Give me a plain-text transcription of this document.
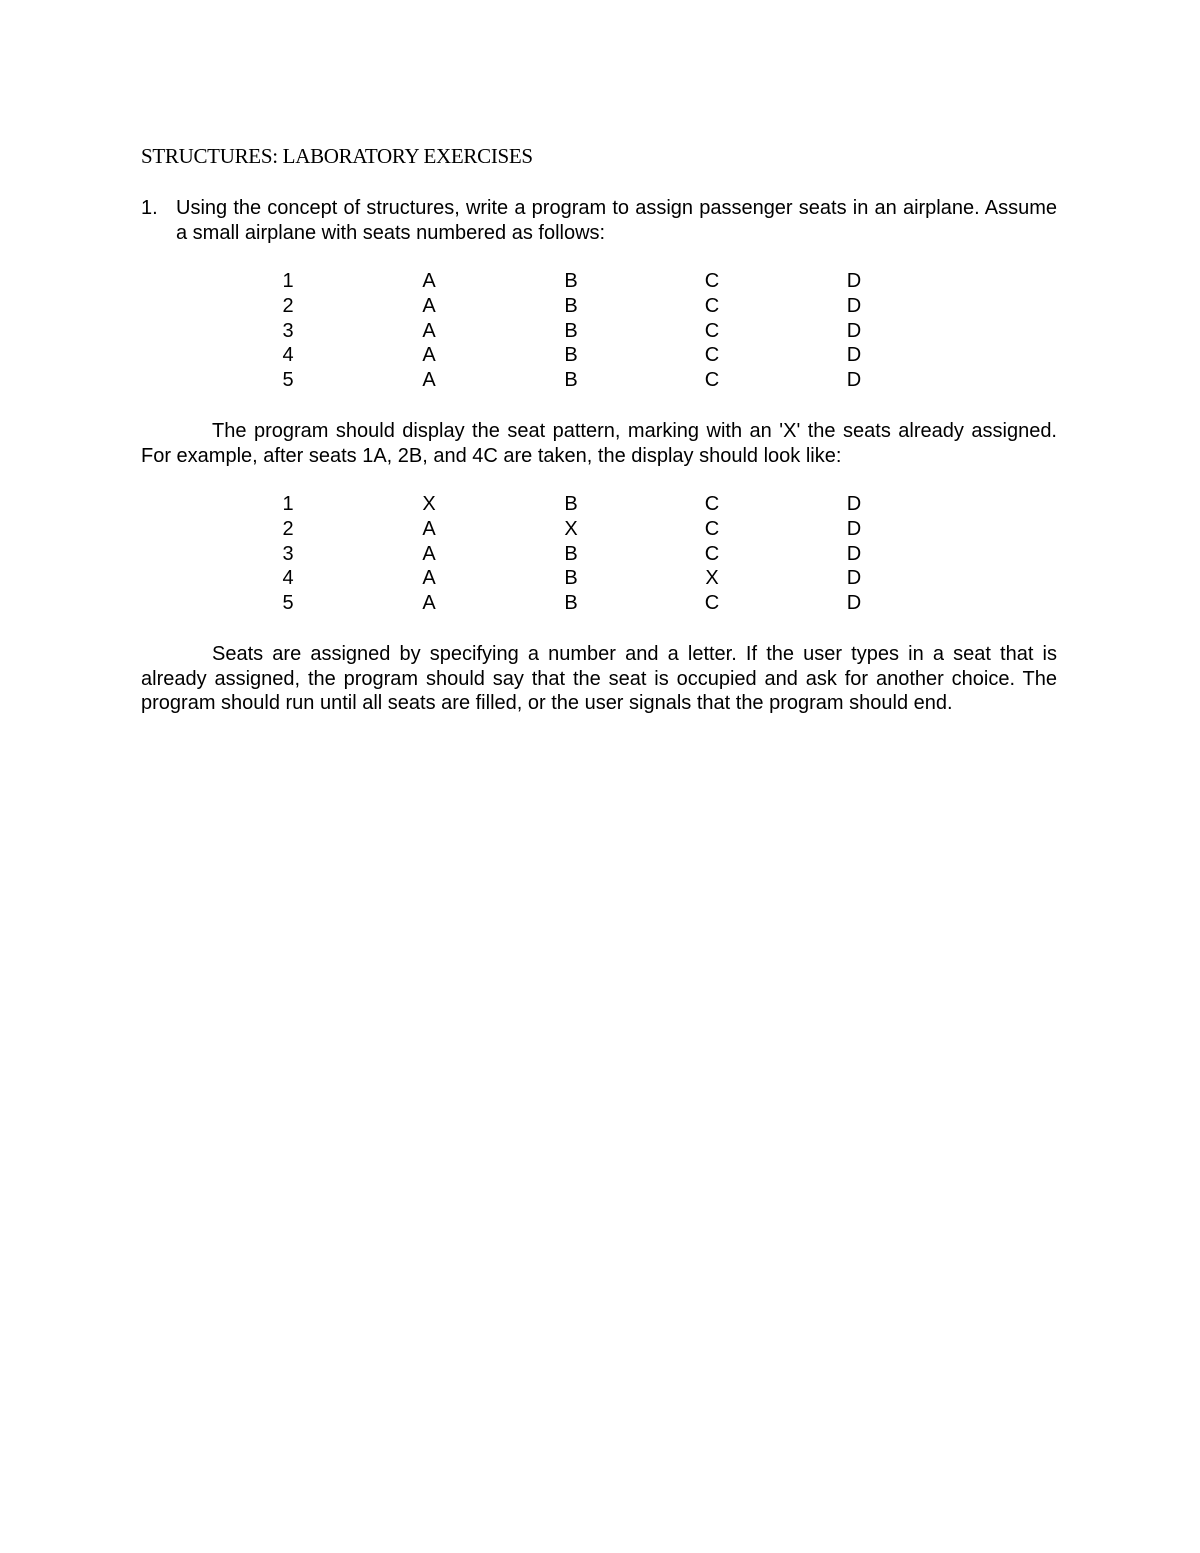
STRUCTURES: LABORATORY EXERCISES
1. Using the concept of structures, write a program to assign passenger seats in an airplane. Assume a small airplane with seats numbered as follows:
1	A	B	C	D
2	A	B	C	D
3	A	B	C	D
4	A	B	C	D
5	A	B	C	D

The program should display the seat pattern, marking with an 'X' the seats already assigned. For example, after seats 1A, 2B, and 4C are taken, the display should look like:

1	X	B	C	D
2	A	X	C	D
3	A	B	C	D
4	A	B	X	D
5	A	B	C	D

Seats are assigned by specifying a number and a letter. If the user types in a seat that is already assigned, the program should say that the seat is occupied and ask for another choice. The program should run until all seats are filled, or the user signals that the program should end.
